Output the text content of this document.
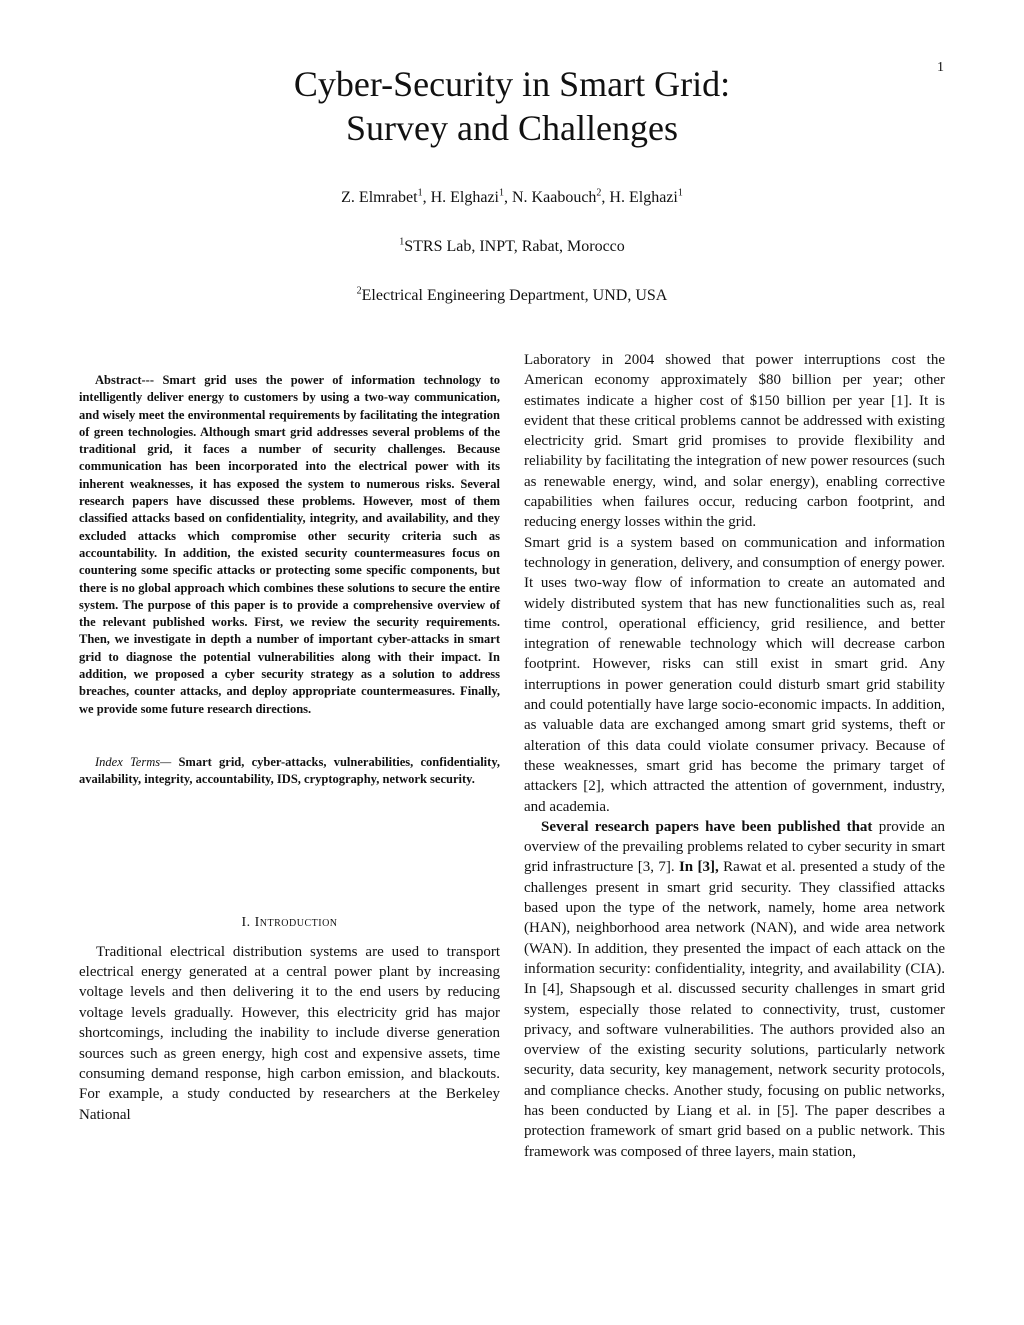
1
Cyber-Security in Smart Grid:
Survey and Challenges
Z. Elmrabet$^1$, H. Elghazi$^1$, N. Kaabouch$^2$, H. Elghazi$^1$
$^1$STRS Lab, INPT, Rabat, Morocco
$^2$Electrical Engineering Department, UND, USA

Abstract--- Smart grid uses the power of information technology to intelligently deliver energy to customers by using a two-way communication, and wisely meet the environmental requirements by facilitating the integration of green technologies. Although smart grid addresses several problems of the traditional grid, it faces a number of security challenges. Because communication has been incorporated into the electrical power with its inherent weaknesses, it has exposed the system to numerous risks. Several research papers have discussed these problems. However, most of them classified attacks based on confidentiality, integrity, and availability, and they excluded attacks which compromise other security criteria such as accountability. In addition, the existed security countermeasures focus on countering some specific attacks or protecting some specific components, but there is no global approach which combines these solutions to secure the entire system. The purpose of this paper is to provide a comprehensive overview of the relevant published works. First, we review the security requirements. Then, we investigate in depth a number of important cyber-attacks in smart grid to diagnose the potential vulnerabilities along with their impact. In addition, we proposed a cyber security strategy as a solution to address breaches, counter attacks, and deploy appropriate countermeasures. Finally, we provide some future research directions.

Index Terms— Smart grid, cyber-attacks, vulnerabilities, confidentiality, availability, integrity, accountability, IDS, cryptography, network security.

I. Introduction

Traditional electrical distribution systems are used to transport electrical energy generated at a central power plant by increasing voltage levels and then delivering it to the end users by reducing voltage levels gradually. However, this electricity grid has major shortcomings, including the inability to include diverse generation sources such as green energy, high cost and expensive assets, time consuming demand response, high carbon emission, and blackouts. For example, a study conducted by researchers at the Berkeley National

Laboratory in 2004 showed that power interruptions cost the American economy approximately $80 billion per year; other estimates indicate a higher cost of $150 billion per year [1]. It is evident that these critical problems cannot be addressed with existing electricity grid. Smart grid promises to provide flexibility and reliability by facilitating the integration of new power resources (such as renewable energy, wind, and solar energy), enabling corrective capabilities when failures occur, reducing carbon footprint, and reducing energy losses within the grid.

Smart grid is a system based on communication and information technology in generation, delivery, and consumption of energy power. It uses two-way flow of information to create an automated and widely distributed system that has new functionalities such as, real time control, operational efficiency, grid resilience, and better integration of renewable technology which will decrease carbon footprint. However, risks can still exist in smart grid. Any interruptions in power generation could disturb smart grid stability and could potentially have large socio-economic impacts. In addition, as valuable data are exchanged among smart grid systems, theft or alteration of this data could violate consumer privacy. Because of these weaknesses, smart grid has become the primary target of attackers [2], which attracted the attention of government, industry, and academia.

Several research papers have been published that provide an overview of the prevailing problems related to cyber security in smart grid infrastructure [3, 7]. In [3], Rawat et al. presented a study of the challenges present in smart grid security. They classified attacks based upon the type of the network, namely, home area network (HAN), neighborhood area network (NAN), and wide area network (WAN). In addition, they presented the impact of each attack on the information security: confidentiality, integrity, and availability (CIA). In [4], Shapsough et al. discussed security challenges in smart grid system, especially those related to connectivity, trust, customer privacy, and software vulnerabilities. The authors provided also an overview of the existing security solutions, particularly network security, data security, key management, network security protocols, and compliance checks. Another study, focusing on public networks, has been conducted by Liang et al. in [5]. The paper describes a protection framework of smart grid based on a public network. This framework was composed of three layers, main station,
